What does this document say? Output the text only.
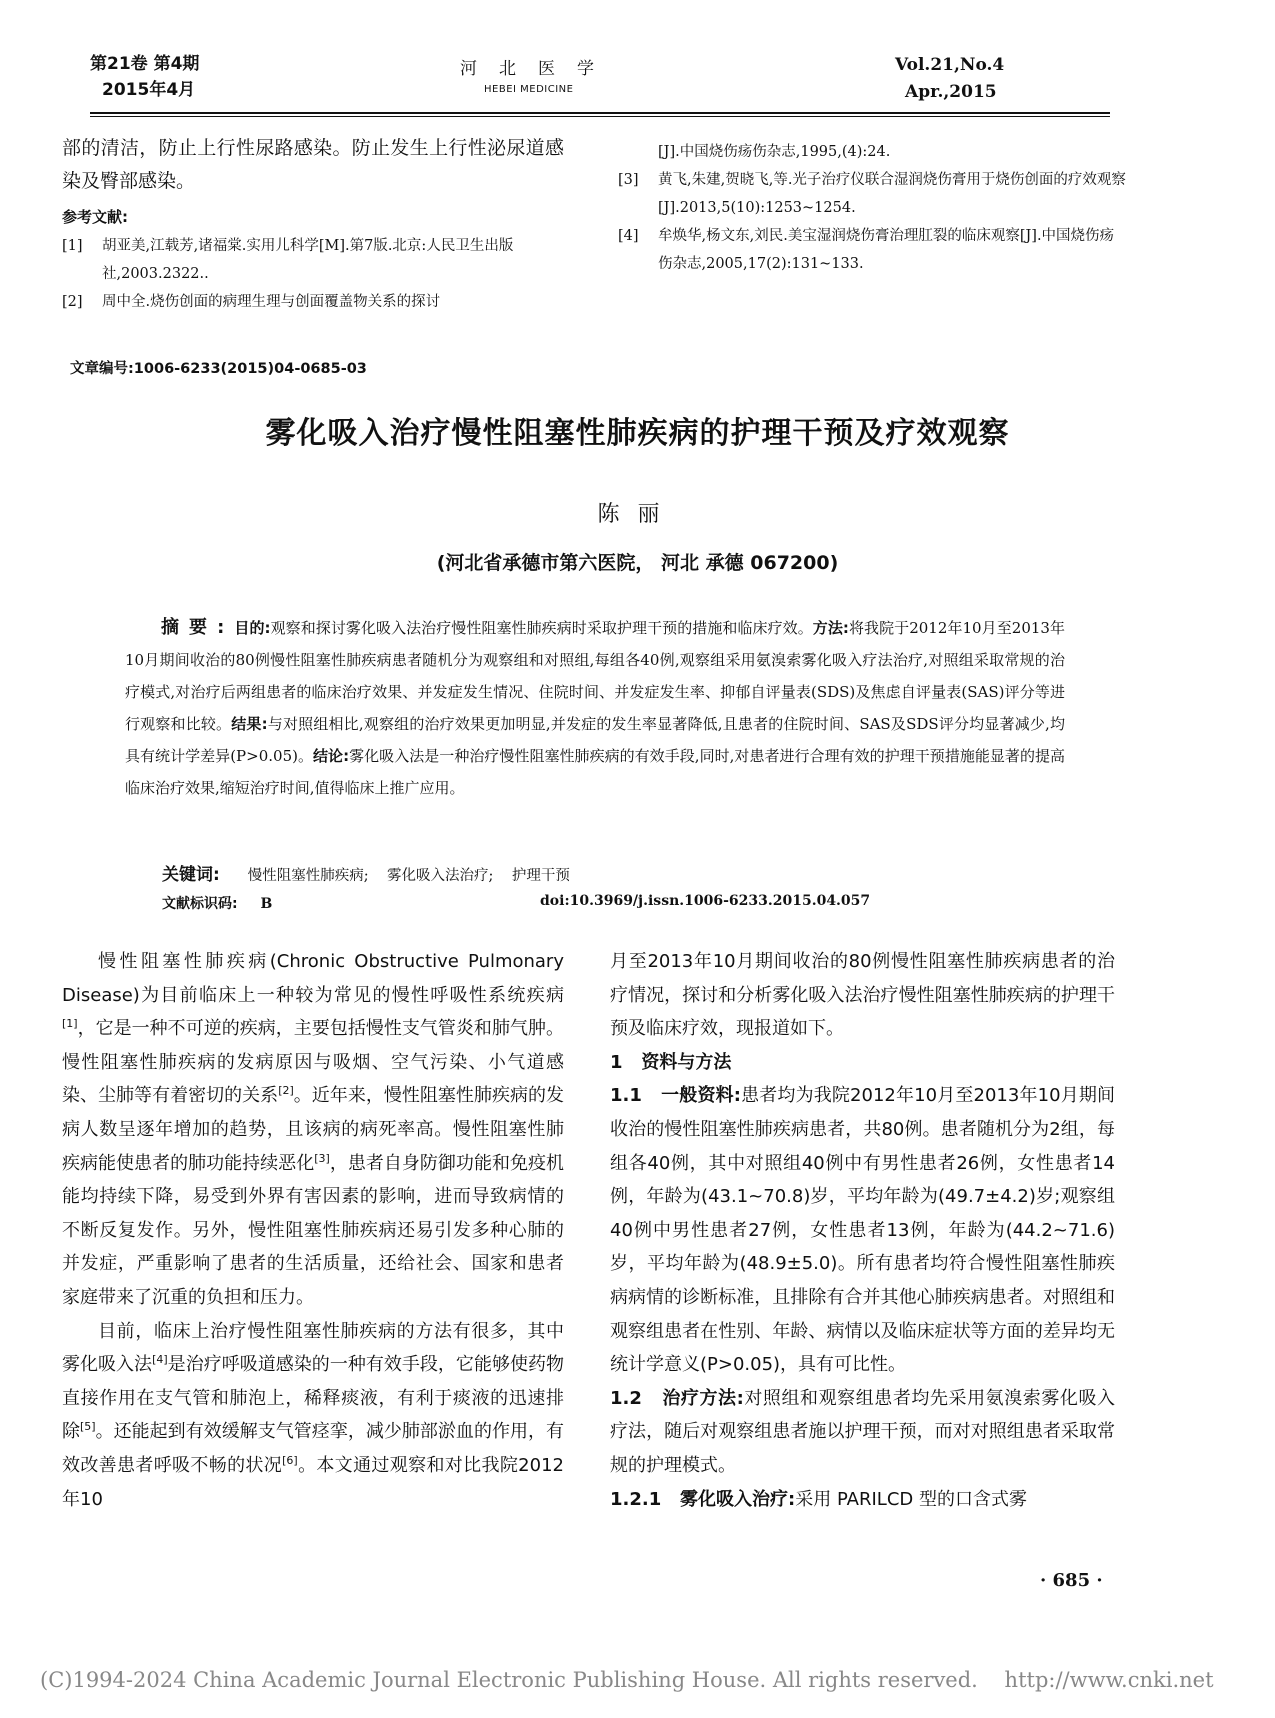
第21卷 第4期
2015年4月
河北医学
HEBEI MEDICINE
Vol.21,No.4
Apr.,2015
部的清洁，防止上行性尿路感染。防止发生上行性泌尿道感染及臀部感染。
参考文献:
[1]	胡亚美,江载芳,诸福棠.实用儿科学[M].第7版.北京:人民卫生出版社,2003.2322..
[2]	周中全.烧伤创面的病理生理与创面覆盖物关系的探讨
[J].中国烧伤疡伤杂志,1995,(4):24.
[3]	黄飞,朱建,贺晓飞,等.光子治疗仪联合湿润烧伤膏用于烧伤创面的疗效观察[J].2013,5(10):1253~1254.
[4]	牟焕华,杨文东,刘民.美宝湿润烧伤膏治理肛裂的临床观察[J].中国烧伤疡伤杂志,2005,17(2):131~133.
文章编号:1006-6233(2015)04-0685-03
雾化吸入治疗慢性阻塞性肺疾病的护理干预及疗效观察
陈丽
(河北省承德市第六医院， 河北 承德 067200)
摘要:目的:观察和探讨雾化吸入法治疗慢性阻塞性肺疾病时采取护理干预的措施和临床疗效。方法:将我院于2012年10月至2013年10月期间收治的80例慢性阻塞性肺疾病患者随机分为观察组和对照组,每组各40例,观察组采用氨溴索雾化吸入疗法治疗,对照组采取常规的治疗模式,对治疗后两组患者的临床治疗效果、并发症发生情况、住院时间、并发症发生率、抑郁自评量表(SDS)及焦虑自评量表(SAS)评分等进行观察和比较。结果:与对照组相比,观察组的治疗效果更加明显,并发症的发生率显著降低,且患者的住院时间、SAS及SDS评分均显著减少,均具有统计学差异(P>0.05)。结论:雾化吸入法是一种治疗慢性阻塞性肺疾病的有效手段,同时,对患者进行合理有效的护理干预措施能显著的提高临床治疗效果,缩短治疗时间,值得临床上推广应用。
关键词: 慢性阻塞性肺疾病;    雾化吸入法治疗;    护理干预
文献标识码: B	doi:10.3969/j.issn.1006-6233.2015.04.057

慢性阻塞性肺疾病(Chronic Obstructive Pulmonary Disease)为目前临床上一种较为常见的慢性呼吸性系统疾病[1]，它是一种不可逆的疾病，主要包括慢性支气管炎和肺气肿。慢性阻塞性肺疾病的发病原因与吸烟、空气污染、小气道感染、尘肺等有着密切的关系[2]。近年来，慢性阻塞性肺疾病的发病人数呈逐年增加的趋势，且该病的病死率高。慢性阻塞性肺疾病能使患者的肺功能持续恶化[3]，患者自身防御功能和免疫机能均持续下降，易受到外界有害因素的影响，进而导致病情的不断反复发作。另外，慢性阻塞性肺疾病还易引发多种心肺的并发症，严重影响了患者的生活质量，还给社会、国家和患者家庭带来了沉重的负担和压力。

目前，临床上治疗慢性阻塞性肺疾病的方法有很多，其中雾化吸入法[4]是治疗呼吸道感染的一种有效手段，它能够使药物直接作用在支气管和肺泡上，稀释痰液，有利于痰液的迅速排除[5]。还能起到有效缓解支气管痉挛，减少肺部淤血的作用，有效改善患者呼吸不畅的状况[6]。本文通过观察和对比我院2012年10

月至2013年10月期间收治的80例慢性阻塞性肺疾病患者的治疗情况，探讨和分析雾化吸入法治疗慢性阻塞性肺疾病的护理干预及临床疗效，现报道如下。

1   资料与方法

1.1   一般资料:患者均为我院2012年10月至2013年10月期间收治的慢性阻塞性肺疾病患者，共80例。患者随机分为2组，每组各40例，其中对照组40例中有男性患者26例，女性患者14例，年龄为(43.1~70.8)岁，平均年龄为(49.7±4.2)岁;观察组40例中男性患者27例，女性患者13例，年龄为(44.2~71.6)岁，平均年龄为(48.9±5.0)。所有患者均符合慢性阻塞性肺疾病病情的诊断标准，且排除有合并其他心肺疾病患者。对照组和观察组患者在性别、年龄、病情以及临床症状等方面的差异均无统计学意义(P>0.05)，具有可比性。

1.2   治疗方法:对照组和观察组患者均先采用氨溴索雾化吸入疗法，随后对观察组患者施以护理干预，而对对照组患者采取常规的护理模式。

1.2.1   雾化吸入治疗:采用 PARILCD 型的口含式雾

· 685 ·
(C)1994-2024 China Academic Journal Electronic Publishing House. All rights reserved.    http://www.cnki.net
